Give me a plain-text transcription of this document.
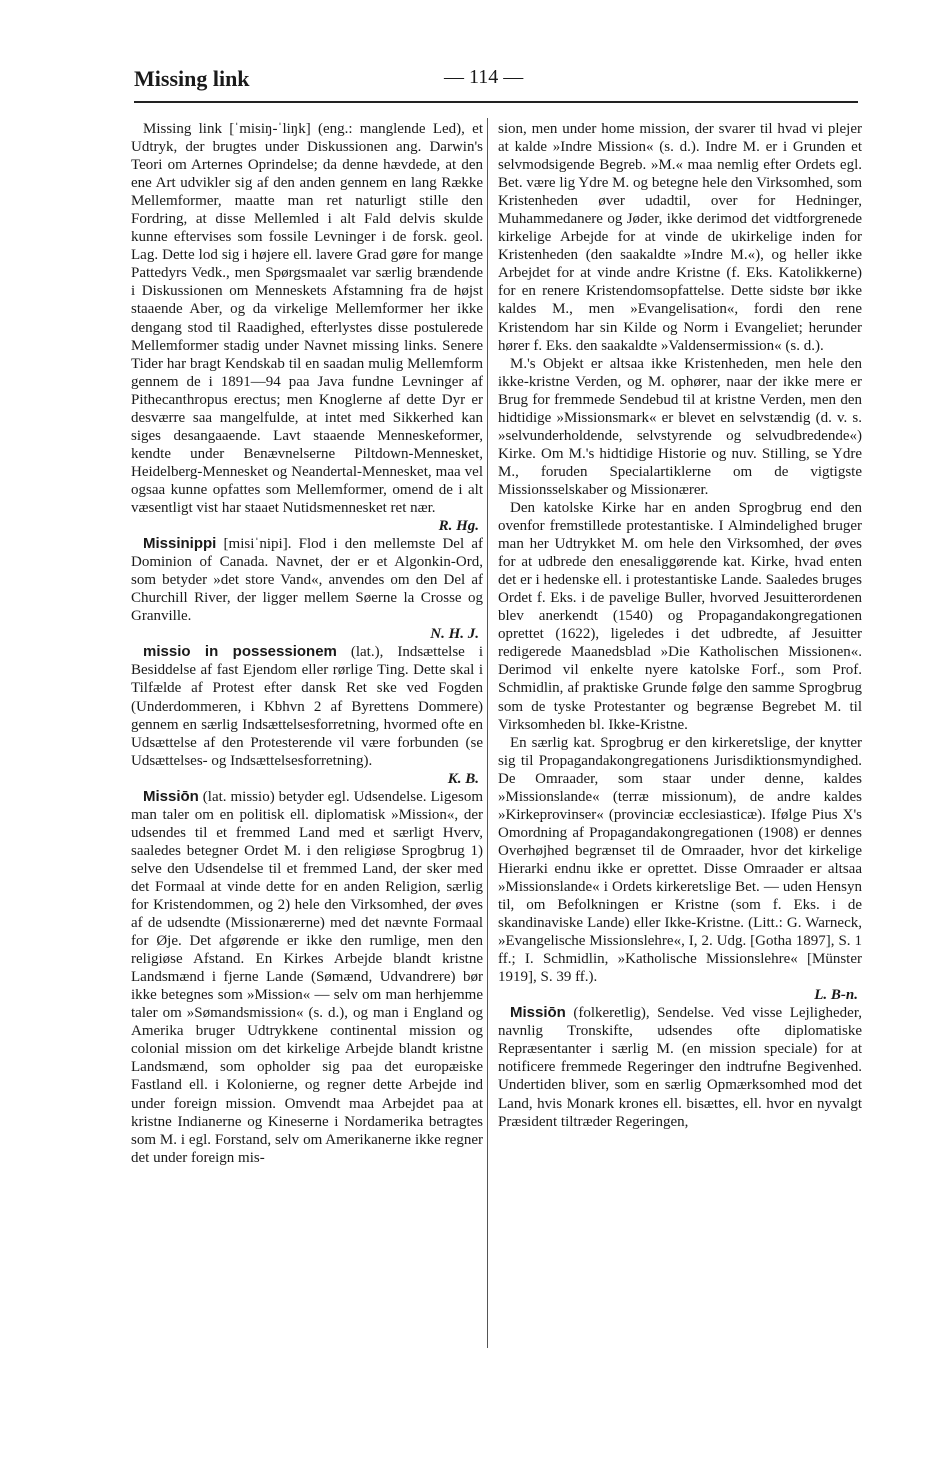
Missing link	— 114 —

Missing link [ˈmisiŋ-ˈliŋk] (eng.: manglende Led), et Udtryk, der brugtes under Diskussionen ang. Darwin's Teori om Arternes Oprindelse; da denne hævdede, at den ene Art udvikler sig af den anden gennem en lang Række Mellemformer, maatte man ret naturligt stille den Fordring, at disse Mellemled i alt Fald delvis skulde kunne eftervises som fossile Levninger i de forsk. geol. Lag. Dette lod sig i højere ell. lavere Grad gøre for mange Pattedyrs Vedk., men Spørgsmaalet var særlig brændende i Diskussionen om Menneskets Afstamning fra de højst staaende Aber, og da virkelige Mellemformer her ikke dengang stod til Raadighed, efterlystes disse postulerede Mellemformer stadig under Navnet missing links. Senere Tider har bragt Kendskab til en saadan mulig Mellemform gennem de i 1891—94 paa Java fundne Levninger af Pithecanthropus erectus; men Knoglerne af dette Dyr er desværre saa mangelfulde, at intet med Sikkerhed kan siges desangaaende. Lavt staaende Menneskeformer, kendte under Benævnelserne Piltdown-Mennesket, Heidelberg-Mennesket og Neandertal-Mennesket, maa vel ogsaa kunne opfattes som Mellemformer, omend de i alt væsentligt vist har staaet Nutidsmennesket ret nær.
R. Hg.

Missinippi [misiˈnipi]. Flod i den mellemste Del af Dominion of Canada. Navnet, der er et Algonkin-Ord, som betyder »det store Vand«, anvendes om den Del af Churchill River, der ligger mellem Søerne la Crosse og Granville.
N. H. J.

missio in possessionem (lat.), Indsættelse i Besiddelse af fast Ejendom eller rørlige Ting. Dette skal i Tilfælde af Protest efter dansk Ret ske ved Fogden (Underdommeren, i Kbhvn 2 af Byrettens Dommere) gennem en særlig Indsættelsesforretning, hvormed ofte en Udsættelse af den Protesterende vil være forbunden (se Udsættelses- og Indsættelsesforretning).
K. B.

Missiōn (lat. missio) betyder egl. Udsendelse. Ligesom man taler om en politisk ell. diplomatisk »Mission«, der udsendes til et fremmed Land med et særligt Hverv, saaledes betegner Ordet M. i den religiøse Sprogbrug 1) selve den Udsendelse til et fremmed Land, der sker med det Formaal at vinde dette for en anden Religion, særlig for Kristendommen, og 2) hele den Virksomhed, der øves af de udsendte (Missionærerne) med det nævnte Formaal for Øje. Det afgørende er ikke den rumlige, men den religiøse Afstand. En Kirkes Arbejde blandt kristne Landsmænd i fjerne Lande (Sømænd, Udvandrere) bør ikke betegnes som »Mission« — selv om man herhjemme taler om »Sømandsmission« (s. d.), og man i England og Amerika bruger Udtrykkene continental mission og colonial mission om det kirkelige Arbejde blandt kristne Landsmænd, som opholder sig paa det europæiske Fastland ell. i Kolonierne, og regner dette Arbejde ind under foreign mission. Omvendt maa Arbejdet paa at kristne Indianerne og Kineserne i Nordamerika betragtes som M. i egl. Forstand, selv om Amerikanerne ikke regner det under foreign mis-

sion, men under home mission, der svarer til hvad vi plejer at kalde »Indre Mission« (s. d.). Indre M. er i Grunden et selvmodsigende Begreb. »M.« maa nemlig efter Ordets egl. Bet. være lig Ydre M. og betegne hele den Virksomhed, som Kristenheden øver udadtil, over for Hedninger, Muhammedanere og Jøder, ikke derimod det vidtforgrenede kirkelige Arbejde for at vinde de ukirkelige inden for Kristenheden (den saakaldte »Indre M.«), og heller ikke Arbejdet for at vinde andre Kristne (f. Eks. Katolikkerne) for en renere Kristendomsopfattelse. Dette sidste bør ikke kaldes M., men »Evangelisation«, fordi den rene Kristendom har sin Kilde og Norm i Evangeliet; herunder hører f. Eks. den saakaldte »Valdensermission« (s. d.).

M.'s Objekt er altsaa ikke Kristenheden, men hele den ikke-kristne Verden, og M. ophører, naar der ikke mere er Brug for fremmede Sendebud til at kristne Verden, men den hidtidige »Missionsmark« er blevet en selvstændig (d. v. s. »selvunderholdende, selvstyrende og selvudbredende«) Kirke. Om M.'s hidtidige Historie og nuv. Stilling, se Ydre M., foruden Specialartiklerne om de vigtigste Missionsselskaber og Missionærer.

Den katolske Kirke har en anden Sprogbrug end den ovenfor fremstillede protestantiske. I Almindelighed bruger man her Udtrykket M. om hele den Virksomhed, der øves for at udbrede den enesaliggørende kat. Kirke, hvad enten det er i hedenske ell. i protestantiske Lande. Saaledes bruges Ordet f. Eks. i de pavelige Buller, hvorved Jesuitterordenen blev anerkendt (1540) og Propagandakongregationen oprettet (1622), ligeledes i det udbredte, af Jesuitter redigerede Maanedsblad »Die Katholischen Missionen«. Derimod vil enkelte nyere katolske Forf., som Prof. Schmidlin, af praktiske Grunde følge den samme Sprogbrug som de tyske Protestanter og begrænse Begrebet M. til Virksomheden bl. Ikke-Kristne.

En særlig kat. Sprogbrug er den kirkeretslige, der knytter sig til Propagandakongregationens Jurisdiktionsmyndighed. De Omraader, som staar under denne, kaldes »Missionslande« (terræ missionum), de andre kaldes »Kirkeprovinser« (provinciæ ecclesiasticæ). Ifølge Pius X's Omordning af Propagandakongregationen (1908) er dennes Overhøjhed begrænset til de Omraader, hvor det kirkelige Hierarki endnu ikke er oprettet. Disse Omraader er altsaa »Missionslande« i Ordets kirkeretslige Bet. — uden Hensyn til, om Befolkningen er Kristne (som f. Eks. i de skandinaviske Lande) eller Ikke-Kristne. (Litt.: G. Warneck, »Evangelische Missionslehre«, I, 2. Udg. [Gotha 1897], S. 1 ff.; I. Schmidlin, »Katholische Missionslehre« [Münster 1919], S. 39 ff.).
L. B-n.

Missiōn (folkeretlig), Sendelse. Ved visse Lejligheder, navnlig Tronskifte, udsendes ofte diplomatiske Repræsentanter i særlig M. (en mission speciale) for at notificere fremmede Regeringer den indtrufne Begivenhed. Undertiden bliver, som en særlig Opmærksomhed mod det Land, hvis Monark krones ell. bisættes, ell. hvor en nyvalgt Præsident tiltræder Regeringen,
